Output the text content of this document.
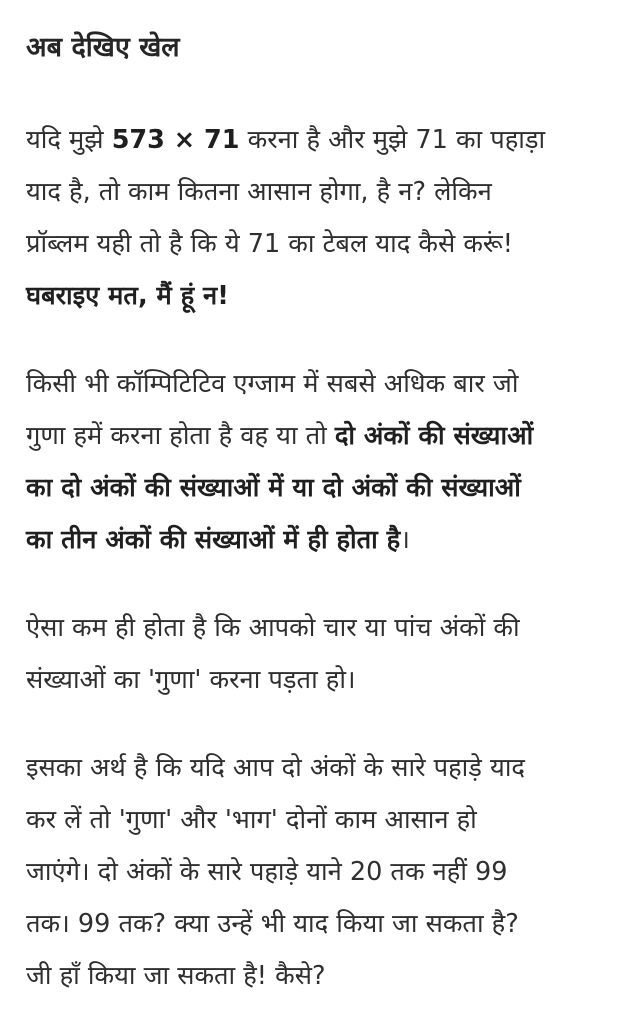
अब देखिए खेल
यदि मुझे 573 × 71 करना है और मुझे 71 का पहाड़ा
याद है, तो काम कितना आसान होगा, है न? लेकिन
प्रॉब्लम यही तो है कि ये 71 का टेबल याद कैसे करूं!
घबराइए मत, मैं हूं न!
किसी भी कॉम्पिटिटिव एग्जाम में सबसे अधिक बार जो
गुणा हमें करना होता है वह या तो दो अंकों की संख्याओं
का दो अंकों की संख्याओं में या दो अंकों की संख्याओं
का तीन अंकों की संख्याओं में ही होता है।
ऐसा कम ही होता है कि आपको चार या पांच अंकों की
संख्याओं का 'गुणा' करना पड़ता हो।
इसका अर्थ है कि यदि आप दो अंकों के सारे पहाड़े याद
कर लें तो 'गुणा' और 'भाग' दोनों काम आसान हो
जाएंगे। दो अंकों के सारे पहाड़े याने 20 तक नहीं 99
तक। 99 तक? क्या उन्हें भी याद किया जा सकता है?
जी हाँ किया जा सकता है! कैसे?
